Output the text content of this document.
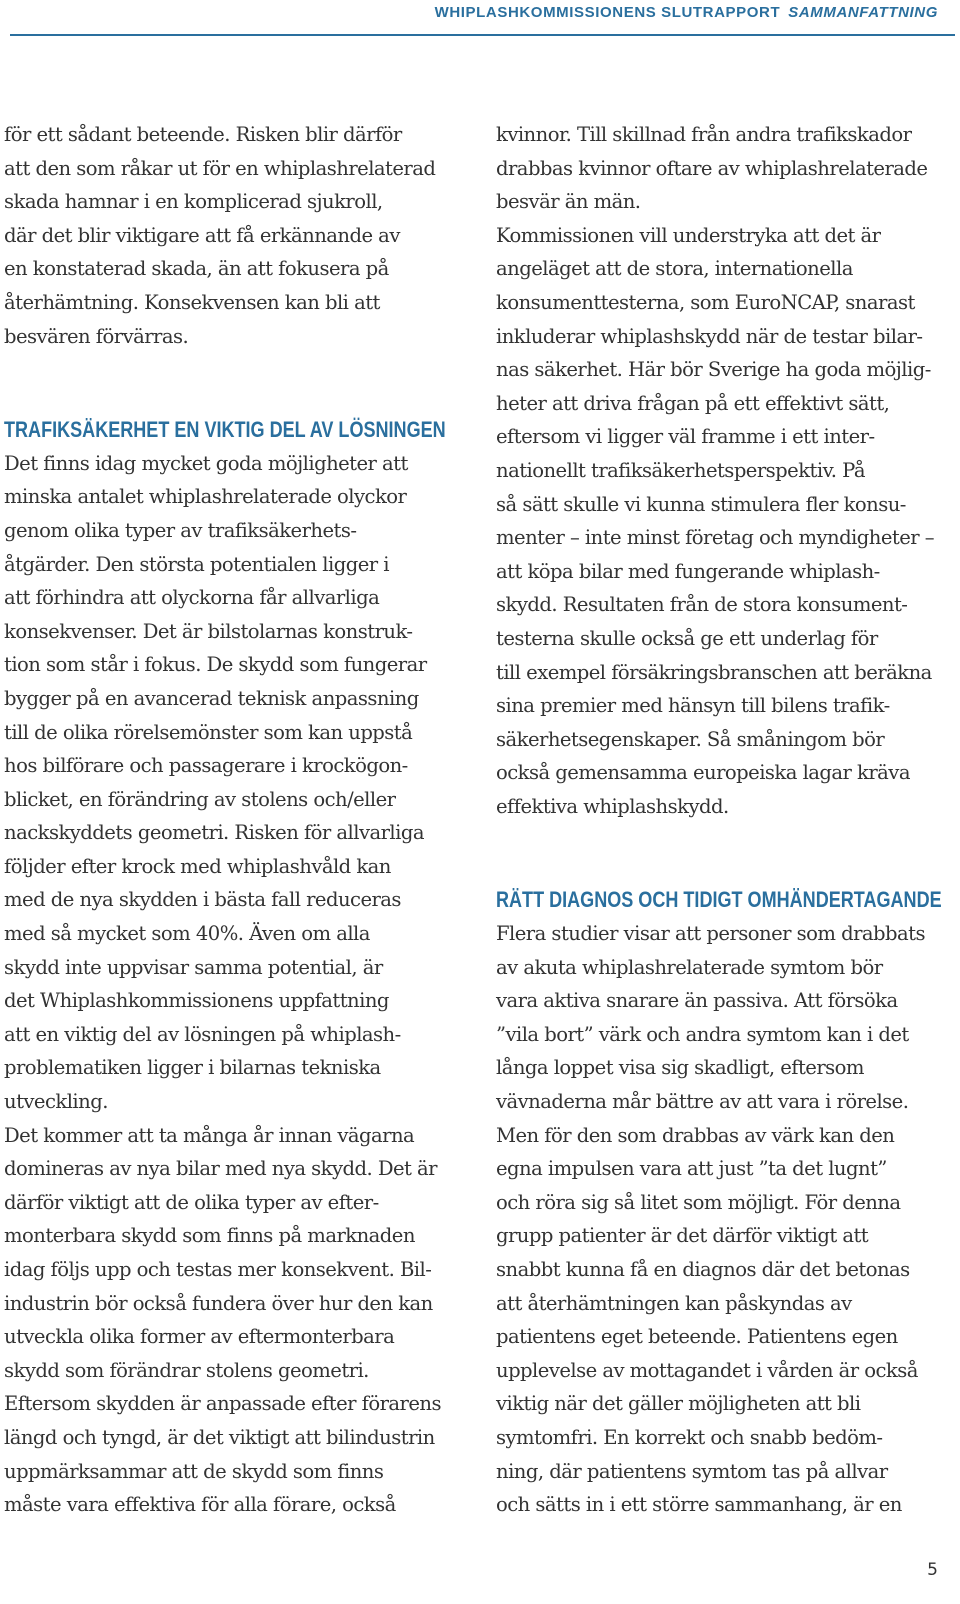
WHIPLASHKOMMISSIONENS SLUTRAPPORT SAMMANFATTNING
för ett sådant beteende. Risken blir därför
att den som råkar ut för en whiplashrelaterad
skada hamnar i en komplicerad sjukroll,
där det blir viktigare att få erkännande av
en konstaterad skada, än att fokusera på
återhämtning. Konsekvensen kan bli att
besvären förvärras.
TRAFIKSÄKERHET EN VIKTIG DEL AV LÖSNINGEN
Det finns idag mycket goda möjligheter att
minska antalet whiplashrelaterade olyckor
genom olika typer av trafiksäkerhets-
åtgärder. Den största potentialen ligger i
att förhindra att olyckorna får allvarliga
konsekvenser. Det är bilstolarnas konstruk-
tion som står i fokus. De skydd som fungerar
bygger på en avancerad teknisk anpassning
till de olika rörelsemönster som kan uppstå
hos bilförare och passagerare i krockögon-
blicket, en förändring av stolens och/eller
nackskyddets geometri. Risken för allvarliga
följder efter krock med whiplashvåld kan
med de nya skydden i bästa fall reduceras
med så mycket som 40%. Även om alla
skydd inte uppvisar samma potential, är
det Whiplashkommissionens uppfattning
att en viktig del av lösningen på whiplash-
problematiken ligger i bilarnas tekniska
utveckling.
Det kommer att ta många år innan vägarna
domineras av nya bilar med nya skydd. Det är
därför viktigt att de olika typer av efter-
monterbara skydd som finns på marknaden
idag följs upp och testas mer konsekvent. Bil-
industrin bör också fundera över hur den kan
utveckla olika former av eftermonterbara
skydd som förändrar stolens geometri.
Eftersom skydden är anpassade efter förarens
längd och tyngd, är det viktigt att bilindustrin
uppmärksammar att de skydd som finns
måste vara effektiva för alla förare, också
kvinnor. Till skillnad från andra trafikskador
drabbas kvinnor oftare av whiplashrelaterade
besvär än män.
Kommissionen vill understryka att det är
angeläget att de stora, internationella
konsumenttesterna, som EuroNCAP, snarast
inkluderar whiplashskydd när de testar bilar-
nas säkerhet. Här bör Sverige ha goda möjlig-
heter att driva frågan på ett effektivt sätt,
eftersom vi ligger väl framme i ett inter-
nationellt trafiksäkerhetsperspektiv. På
så sätt skulle vi kunna stimulera fler konsu-
menter – inte minst företag och myndigheter –
att köpa bilar med fungerande whiplash-
skydd. Resultaten från de stora konsument-
testerna skulle också ge ett underlag för
till exempel försäkringsbranschen att beräkna
sina premier med hänsyn till bilens trafik-
säkerhetsegenskaper. Så småningom bör
också gemensamma europeiska lagar kräva
effektiva whiplashskydd.
RÄTT DIAGNOS OCH TIDIGT OMHÄNDERTAGANDE
Flera studier visar att personer som drabbats
av akuta whiplashrelaterade symtom bör
vara aktiva snarare än passiva. Att försöka
”vila bort” värk och andra symtom kan i det
långa loppet visa sig skadligt, eftersom
vävnaderna mår bättre av att vara i rörelse.
Men för den som drabbas av värk kan den
egna impulsen vara att just ”ta det lugnt”
och röra sig så litet som möjligt. För denna
grupp patienter är det därför viktigt att
snabbt kunna få en diagnos där det betonas
att återhämtningen kan påskyndas av
patientens eget beteende. Patientens egen
upplevelse av mottagandet i vården är också
viktig när det gäller möjligheten att bli
symtomfri. En korrekt och snabb bedöm-
ning, där patientens symtom tas på allvar
och sätts in i ett större sammanhang, är en
5
